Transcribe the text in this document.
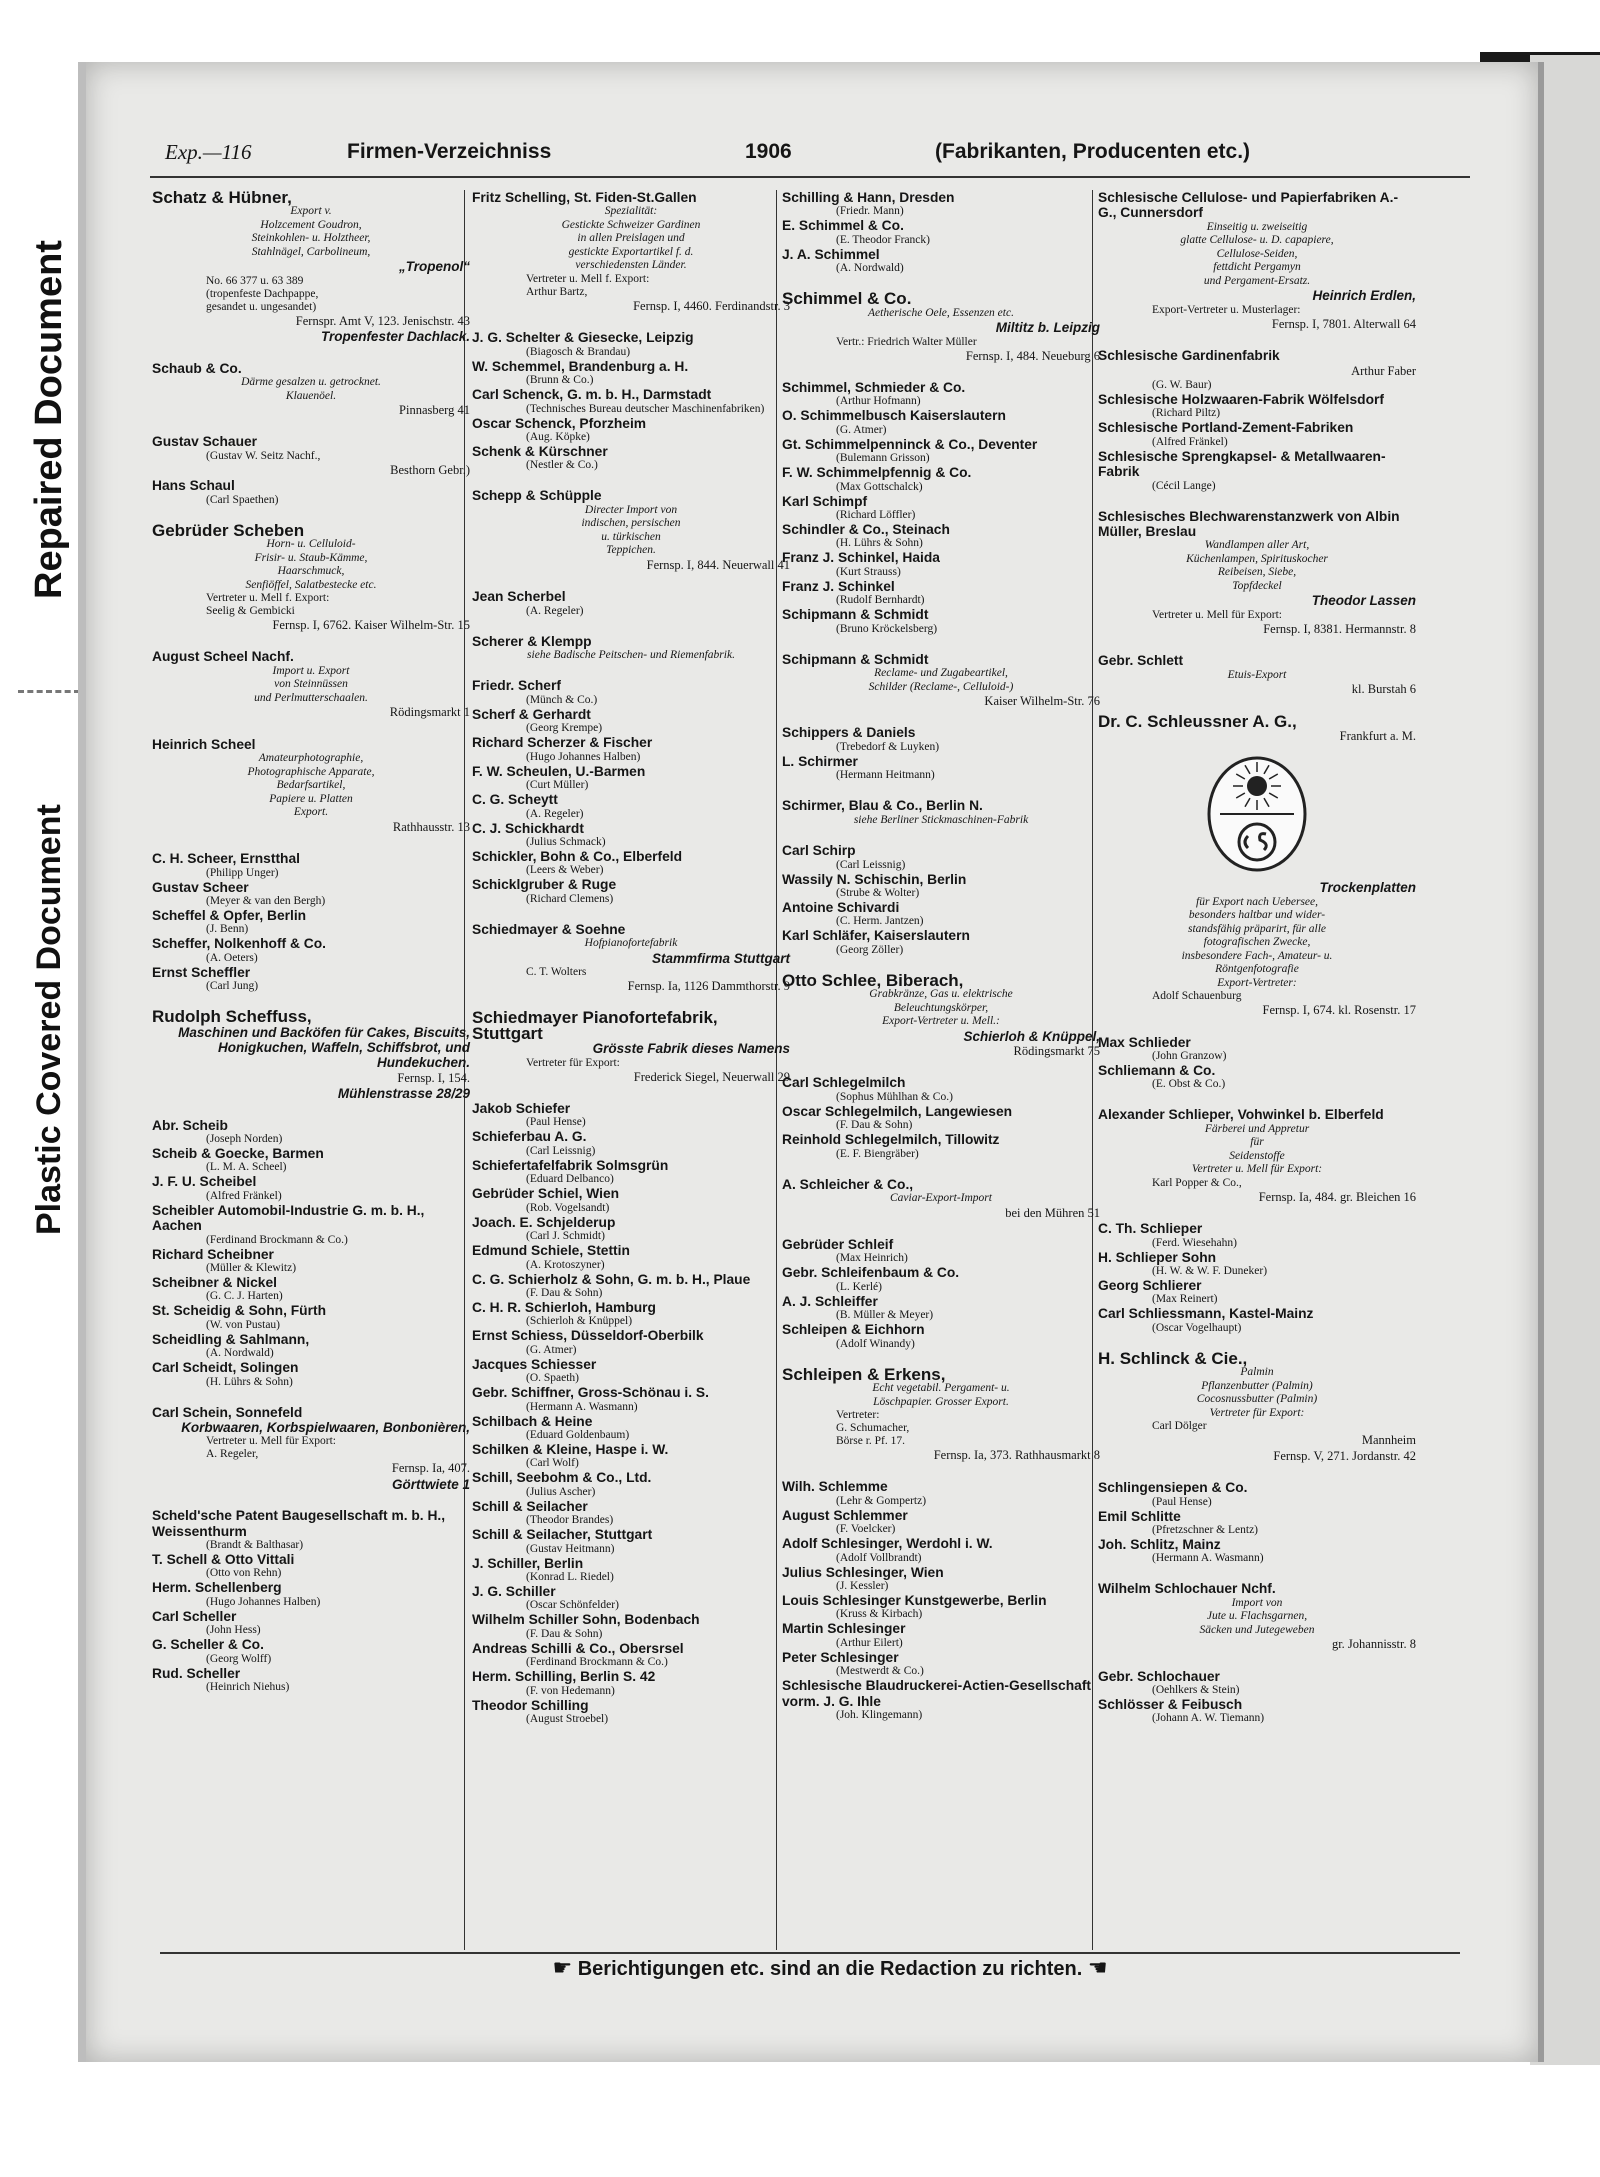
Repaired Document
Plastic Covered Document
Exp.—116	Firmen-Verzeichniss	1906	(Fabrikanten, Producenten etc.)
Schatz & Hübner,
Export v.
Holzcement Goudron,
Steinkohlen- u. Holztheer,
Stahlnägel, Carbolineum,
„Tropenol“
No. 66 377 u. 63 389
(tropenfeste Dachpappe,
gesandet u. ungesandet)
Fernspr. Amt V, 123. Jenischstr. 43
Tropenfester Dachlack.
Schaub & Co.
Därme gesalzen u. getrocknet.
Klauenöel.
Pinnasberg 41
Gustav Schauer
(Gustav W. Seitz Nachf.,
Besthorn Gebr.)
Hans Schaul
(Carl Spaethen)
Gebrüder Scheben
Horn- u. Celluloid-
Frisir- u. Staub-Kämme,
Haarschmuck,
Senfiöffel, Salatbestecke etc.
Vertreter u. Mell f. Export:
Seelig & Gembicki
Fernsp. I, 6762. Kaiser Wilhelm-Str. 15
August Scheel Nachf.
Import u. Export
von Steinnüssen
und Perlmutterschaalen.
Rödingsmarkt 1
Heinrich Scheel
Amateurphotographie,
Photographische Apparate,
Bedarfsartikel,
Papiere u. Platten
Export.
Rathhausstr. 13
C. H. Scheer, Ernstthal
(Philipp Unger)
Gustav Scheer
(Meyer & van den Bergh)
Scheffel & Opfer, Berlin
(J. Benn)
Scheffer, Nolkenhoff & Co.
(A. Oeters)
Ernst Scheffler
(Carl Jung)
Rudolph Scheffuss,
Maschinen und Backöfen für Cakes, Biscuits, Honigkuchen, Waffeln, Schiffsbrot, und Hundekuchen.
Fernsp. I, 154.
Mühlenstrasse 28/29
Abr. Scheib
(Joseph Norden)
Scheib & Goecke, Barmen
(L. M. A. Scheel)
J. F. U. Scheibel
(Alfred Fränkel)
Scheibler Automobil-Industrie G. m. b. H., Aachen
(Ferdinand Brockmann & Co.)
Richard Scheibner
(Müller & Klewitz)
Scheibner & Nickel
(G. C. J. Harten)
St. Scheidig & Sohn, Fürth
(W. von Pustau)
Scheidling & Sahlmann,
(A. Nordwald)
Carl Scheidt, Solingen
(H. Lührs & Sohn)
Carl Schein, Sonnefeld
Korbwaaren, Korbspielwaaren, Bonbonièren,
Vertreter u. Mell für Export:
A. Regeler,
Fernsp. Ia, 407.
Görttwiete 1
Scheld'sche Patent Baugesellschaft m. b. H., Weissenthurm
(Brandt & Balthasar)
T. Schell & Otto Vittali
(Otto von Rehn)
Herm. Schellenberg
(Hugo Johannes Halben)
Carl Scheller
(John Hess)
G. Scheller & Co.
(Georg Wolff)
Rud. Scheller
(Heinrich Niehus)
Fritz Schelling, St. Fiden-St.Gallen
Spezialität:
Gestickte Schweizer Gardinen
in allen Preislagen und
gestickte Exportartikel f. d.
verschiedensten Länder.
Vertreter u. Mell f. Export:
Arthur Bartz,
Fernsp. I, 4460. Ferdinandstr. 3
J. G. Schelter & Giesecke, Leipzig
(Biagosch & Brandau)
W. Schemmel, Brandenburg a. H.
(Brunn & Co.)
Carl Schenck, G. m. b. H., Darmstadt
(Technisches Bureau deutscher Maschinenfabriken)
Oscar Schenck, Pforzheim
(Aug. Köpke)
Schenk & Kürschner
(Nestler & Co.)
Schepp & Schüpple
Directer Import von
indischen, persischen
u. türkischen
Teppichen.
Fernsp. I, 844. Neuerwall 41
Jean Scherbel
(A. Regeler)
Scherer & Klempp
siehe Badische Peitschen- und Riemenfabrik.
Friedr. Scherf
(Münch & Co.)
Scherf & Gerhardt
(Georg Krempe)
Richard Scherzer & Fischer
(Hugo Johannes Halben)
F. W. Scheulen, U.-Barmen
(Curt Müller)
C. G. Scheytt
(A. Regeler)
C. J. Schickhardt
(Julius Schmack)
Schickler, Bohn & Co., Elberfeld
(Leers & Weber)
Schicklgruber & Ruge
(Richard Clemens)
Schiedmayer & Soehne
Hofpianofortefabrik
Stammfirma Stuttgart
C. T. Wolters
Fernsp. Ia, 1126 Dammthorstr. 9
Schiedmayer Pianofortefabrik, Stuttgart
Grösste Fabrik dieses Namens
Vertreter für Export:
Frederick Siegel, Neuerwall 29
Jakob Schiefer
(Paul Hense)
Schieferbau A. G.
(Carl Leissnig)
Schiefertafelfabrik Solmsgrün
(Eduard Delbanco)
Gebrüder Schiel, Wien
(Rob. Vogelsandt)
Joach. E. Schjelderup
(Carl J. Schmidt)
Edmund Schiele, Stettin
(A. Krotoszyner)
C. G. Schierholz & Sohn, G. m. b. H., Plaue
(F. Dau & Sohn)
C. H. R. Schierloh, Hamburg
(Schierloh & Knüppel)
Ernst Schiess, Düsseldorf-Oberbilk
(G. Atmer)
Jacques Schiesser
(O. Spaeth)
Gebr. Schiffner, Gross-Schönau i. S.
(Hermann A. Wasmann)
Schilbach & Heine
(Eduard Goldenbaum)
Schilken & Kleine, Haspe i. W.
(Carl Wolf)
Schill, Seebohm & Co., Ltd.
(Julius Ascher)
Schill & Seilacher
(Theodor Brandes)
Schill & Seilacher, Stuttgart
(Gustav Heitmann)
J. Schiller, Berlin
(Konrad L. Riedel)
J. G. Schiller
(Oscar Schönfelder)
Wilhelm Schiller Sohn, Bodenbach
(F. Dau & Sohn)
Andreas Schilli & Co., Obersrsel
(Ferdinand Brockmann & Co.)
Herm. Schilling, Berlin S. 42
(F. von Hedemann)
Theodor Schilling
(August Stroebel)
Schilling & Hann, Dresden
(Friedr. Mann)
E. Schimmel & Co.
(E. Theodor Franck)
J. A. Schimmel
(A. Nordwald)
Schimmel & Co.
Aetherische Oele, Essenzen etc.
Miltitz b. Leipzig
Vertr.: Friedrich Walter Müller
Fernsp. I, 484. Neueburg 6
Schimmel, Schmieder & Co.
(Arthur Hofmann)
O. Schimmelbusch Kaiserslautern
(G. Atmer)
Gt. Schimmelpenninck & Co., Deventer
(Bulemann Grisson)
F. W. Schimmelpfennig & Co.
(Max Gottschalck)
Karl Schimpf
(Richard Löffler)
Schindler & Co., Steinach
(H. Lührs & Sohn)
Franz J. Schinkel, Haida
(Kurt Strauss)
Franz J. Schinkel
(Rudolf Bernhardt)
Schipmann & Schmidt
(Bruno Kröckelsberg)
Schipmann & Schmidt
Reclame- und Zugabeartikel,
Schilder (Reclame-, Celluloid-)
Kaiser Wilhelm-Str. 76
Schippers & Daniels
(Trebedorf & Luyken)
L. Schirmer
(Hermann Heitmann)
Schirmer, Blau & Co., Berlin N.
siehe Berliner Stickmaschinen-Fabrik
Carl Schirp
(Carl Leissnig)
Wassily N. Schischin, Berlin
(Strube & Wolter)
Antoine Schivardi
(C. Herm. Jantzen)
Karl Schläfer, Kaiserslautern
(Georg Zöller)
Otto Schlee, Biberach,
Grabkränze, Gas u. elektrische
Beleuchtungskörper,
Export-Vertreter u. Mell.:
Schierloh & Knüppel,
Rödingsmarkt 75
Carl Schlegelmilch
(Sophus Mühlhan & Co.)
Oscar Schlegelmilch, Langewiesen
(F. Dau & Sohn)
Reinhold Schlegelmilch, Tillowitz
(E. F. Biengräber)
A. Schleicher & Co.,
Caviar-Export-Import
bei den Mühren 51
Gebrüder Schleif
(Max Heinrich)
Gebr. Schleifenbaum & Co.
(L. Kerlé)
A. J. Schleiffer
(B. Müller & Meyer)
Schleipen & Eichhorn
(Adolf Winandy)
Schleipen & Erkens,
Echt vegetabil. Pergament- u.
Löschpapier. Grosser Export.
Vertreter:
G. Schumacher,
Börse r. Pf. 17.
Fernsp. Ia, 373. Rathhausmarkt 8
Wilh. Schlemme
(Lehr & Gompertz)
August Schlemmer
(F. Voelcker)
Adolf Schlesinger, Werdohl i. W.
(Adolf Vollbrandt)
Julius Schlesinger, Wien
(J. Kessler)
Louis Schlesinger Kunstgewerbe, Berlin
(Kruss & Kirbach)
Martin Schlesinger
(Arthur Eilert)
Peter Schlesinger
(Mestwerdt & Co.)
Schlesische Blaudruckerei-Actien-Gesellschaft vorm. J. G. Ihle
(Joh. Klingemann)
Schlesische Cellulose- und Papierfabriken A.-G., Cunnersdorf
Einseitig u. zweiseitig
glatte Cellulose- u. D. capapiere,
Cellulose-Seiden,
fettdicht Pergamyn
und Pergament-Ersatz.
Heinrich Erdlen,
Export-Vertreter u. Musterlager:
Fernsp. I, 7801. Alterwall 64
Schlesische Gardinenfabrik
Arthur Faber
(G. W. Baur)
Schlesische Holzwaaren-Fabrik Wölfelsdorf
(Richard Piltz)
Schlesische Portland-Zement-Fabriken
(Alfred Fränkel)
Schlesische Sprengkapsel- & Metallwaaren-Fabrik
(Cécil Lange)
Schlesisches Blechwarenstanzwerk von Albin Müller, Breslau
Wandlampen aller Art,
Küchenlampen, Spirituskocher
Reibeisen, Siebe,
Topfdeckel
Theodor Lassen
Vertreter u. Mell für Export:
Fernsp. I, 8381. Hermannstr. 8
Gebr. Schlett
Etuis-Export
kl. Burstah 6
Dr. C. Schleussner A. G.,
Frankfurt a. M.
Trockenplatten
für Export nach Uebersee,
besonders haltbar und wider-
standsfähig präparirt, für alle
fotografischen Zwecke,
insbesondere Fach-, Amateur- u.
Röntgenfotografie
Export-Vertreter:
Adolf Schauenburg
Fernsp. I, 674. kl. Rosenstr. 17
Max Schlieder
(John Granzow)
Schliemann & Co.
(E. Obst & Co.)
Alexander Schlieper, Vohwinkel b. Elberfeld
Färberei und Appretur
für
Seidenstoffe
Vertreter u. Mell für Export:
Karl Popper & Co.,
Fernsp. Ia, 484. gr. Bleichen 16
C. Th. Schlieper
(Ferd. Wiesehahn)
H. Schlieper Sohn
(H. W. & W. F. Duneker)
Georg Schlierer
(Max Reinert)
Carl Schliessmann, Kastel-Mainz
(Oscar Vogelhaupt)
H. Schlinck & Cie.,
Palmin
Pflanzenbutter (Palmin)
Cocosnussbutter (Palmin)
Vertreter für Export:
Carl Dölger
Mannheim
Fernsp. V, 271. Jordanstr. 42
Schlingensiepen & Co.
(Paul Hense)
Emil Schlitte
(Pfretzschner & Lentz)
Joh. Schlitz, Mainz
(Hermann A. Wasmann)
Wilhelm Schlochauer Nchf.
Import von
Jute u. Flachsgarnen,
Säcken und Jutegeweben
gr. Johannisstr. 8
Gebr. Schlochauer
(Oehlkers & Stein)
Schlösser & Feibusch
(Johann A. W. Tiemann)
☛ Berichtigungen etc. sind an die Redaction zu richten. ☚
